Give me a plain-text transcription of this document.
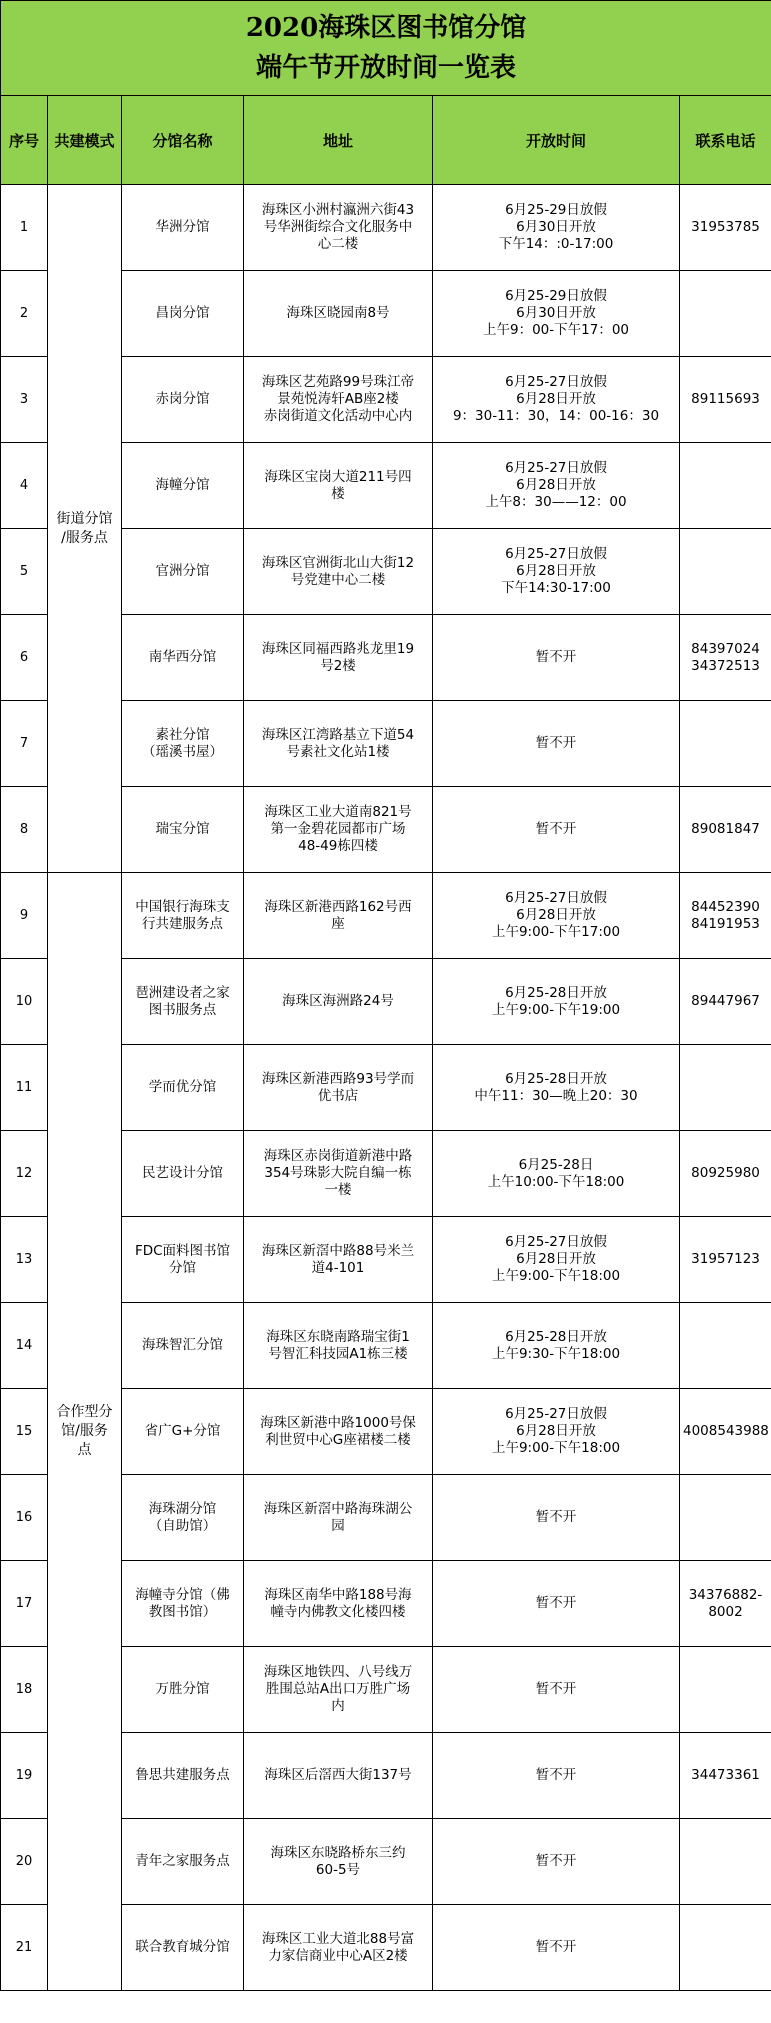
2020海珠区图书馆分馆
端午节开放时间一览表					

序号	共建模式	分馆名称	地址	开放时间	联系电话
1	街道分馆
/服务点	华洲分馆	海珠区小洲村瀛洲六街43
号华洲街综合文化服务中
心二楼	6月25-29日放假
6月30日开放
下午14：:0-17:00	31953785

2		昌岗分馆	海珠区晓园南8号	6月25-29日放假
6月30日开放
上午9：00-下午17：00	

3		赤岗分馆	海珠区艺苑路99号珠江帝
景苑悦涛轩AB座2楼
赤岗街道文化活动中心内	6月25-27日放假
6月28日开放
9：30-11：30，14：00-16：30	89115693

4		海幢分馆	海珠区宝岗大道211号四
楼	6月25-27日放假
6月28日开放
上午8：30——12：00	

5		官洲分馆	海珠区官洲街北山大街12
号党建中心二楼	6月25-27日放假
6月28日开放
下午14:30-17:00	

6		南华西分馆	海珠区同福西路兆龙里19
号2楼	暂不开	84397024
34372513

7		素社分馆
（瑶溪书屋）	海珠区江湾路基立下道54
号素社文化站1楼	暂不开	

8		瑞宝分馆	海珠区工业大道南821号
第一金碧花园都市广场
48-49栋四楼	暂不开	89081847

9	合作型分
馆/服务
点	中国银行海珠支
行共建服务点	海珠区新港西路162号西
座	6月25-27日放假
6月28日开放
上午9:00-下午17:00	84452390
84191953

10		琶洲建设者之家
图书服务点	海珠区海洲路24号	6月25-28日开放
上午9:00-下午19:00	89447967

11		学而优分馆	海珠区新港西路93号学而
优书店	6月25-28日开放
中午11：30—晚上20：30	

12		民艺设计分馆	海珠区赤岗街道新港中路
354号珠影大院自编一栋
一楼	6月25-28日
上午10:00-下午18:00	80925980

13		FDC面料图书馆
分馆	海珠区新滘中路88号米兰
道4-101	6月25-27日放假
6月28日开放
上午9:00-下午18:00	31957123

14		海珠智汇分馆	海珠区东晓南路瑞宝街1
号智汇科技园A1栋三楼	6月25-28日开放
上午9:30-下午18:00	

15		省广G+分馆	海珠区新港中路1000号保
利世贸中心G座裙楼二楼	6月25-27日放假
6月28日开放
上午9:00-下午18:00	4008543988

16		海珠湖分馆
（自助馆）	海珠区新滘中路海珠湖公
园	暂不开	

17		海幢寺分馆（佛
教图书馆）	海珠区南华中路188号海
幢寺内佛教文化楼四楼	暂不开	34376882-
8002

18		万胜分馆	海珠区地铁四、八号线万
胜围总站A出口万胜广场
内	暂不开	

19		鲁思共建服务点	海珠区后滘西大街137号	暂不开	34473361

20		青年之家服务点	海珠区东晓路桥东三约
60-5号	暂不开	

21		联合教育城分馆	海珠区工业大道北88号富
力家信商业中心A区2楼	暂不开	
